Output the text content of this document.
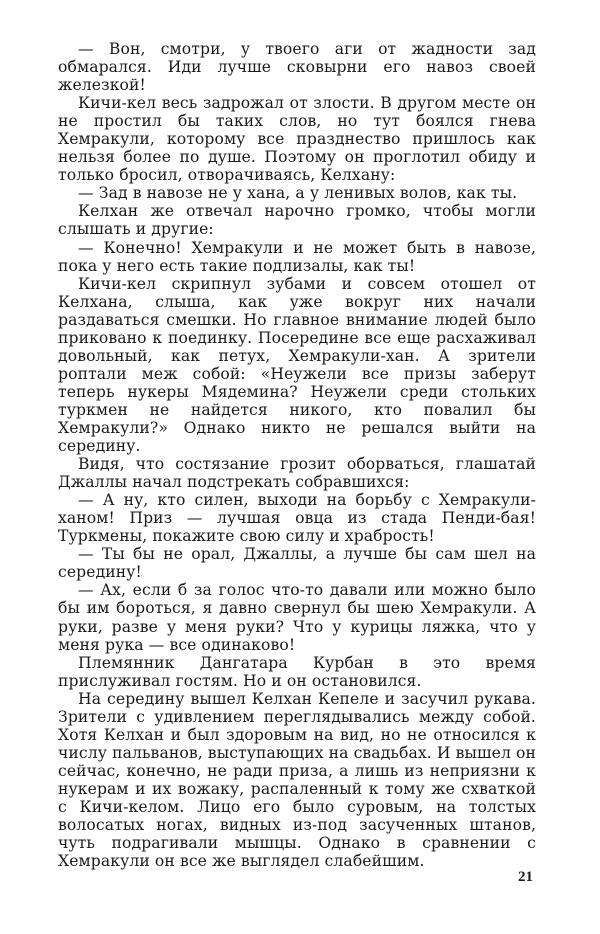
— Вон, смотри, у твоего аги от жадности зад обмарался. Иди лучше сковырни его навоз своей железкой!

Кичи-кел весь задрожал от злости. В другом месте он не простил бы таких слов, но тут боялся гнева Хемракули, которому все празднество пришлось как нельзя более по душе. Поэтому он проглотил обиду и только бросил, отворачиваясь, Келхану:

— Зад в навозе не у хана, а у ленивых волов, как ты.

Келхан же отвечал нарочно громко, чтобы могли слышать и другие:

— Конечно! Хемракули и не может быть в навозе, пока у него есть такие подлизалы, как ты!

Кичи-кел скрипнул зубами и совсем отошел от Келхана, слыша, как уже вокруг них начали раздаваться смешки. Но главное внимание людей было приковано к поединку. Посередине все еще расхаживал довольный, как петух, Хемракули-хан. А зрители роптали меж собой: «Неужели все призы заберут теперь нукеры Мядемина? Неужели среди стольких туркмен не найдется никого, кто повалил бы Хемракули?» Однако никто не решался выйти на середину.

Видя, что состязание грозит оборваться, глашатай Джаллы начал подстрекать собравшихся:

— А ну, кто силен, выходи на борьбу с Хемракули-ханом! Приз — лучшая овца из стада Пенди-бая! Туркмены, покажите свою силу и храбрость!

— Ты бы не орал, Джаллы, а лучше бы сам шел на середину!

— Ах, если б за голос что-то давали или можно было бы им бороться, я давно свернул бы шею Хемракули. А руки, разве у меня руки? Что у курицы ляжка, что у меня рука — все одинаково!

Племянник Дангатара Курбан в это время прислуживал гостям. Но и он остановился.

На середину вышел Келхан Кепеле и засучил рукава. Зрители с удивлением переглядывались между собой. Хотя Келхан и был здоровым на вид, но не относился к числу пальванов, выступающих на свадьбах. И вышел он сейчас, конечно, не ради приза, а лишь из неприязни к нукерам и их вожаку, распаленный к тому же схваткой с Кичи-келом. Лицо его было суровым, на толстых волосатых ногах, видных из-под засученных штанов, чуть подрагивали мышцы. Однако в сравнении с Хемракули он все же выглядел слабейшим.

21
